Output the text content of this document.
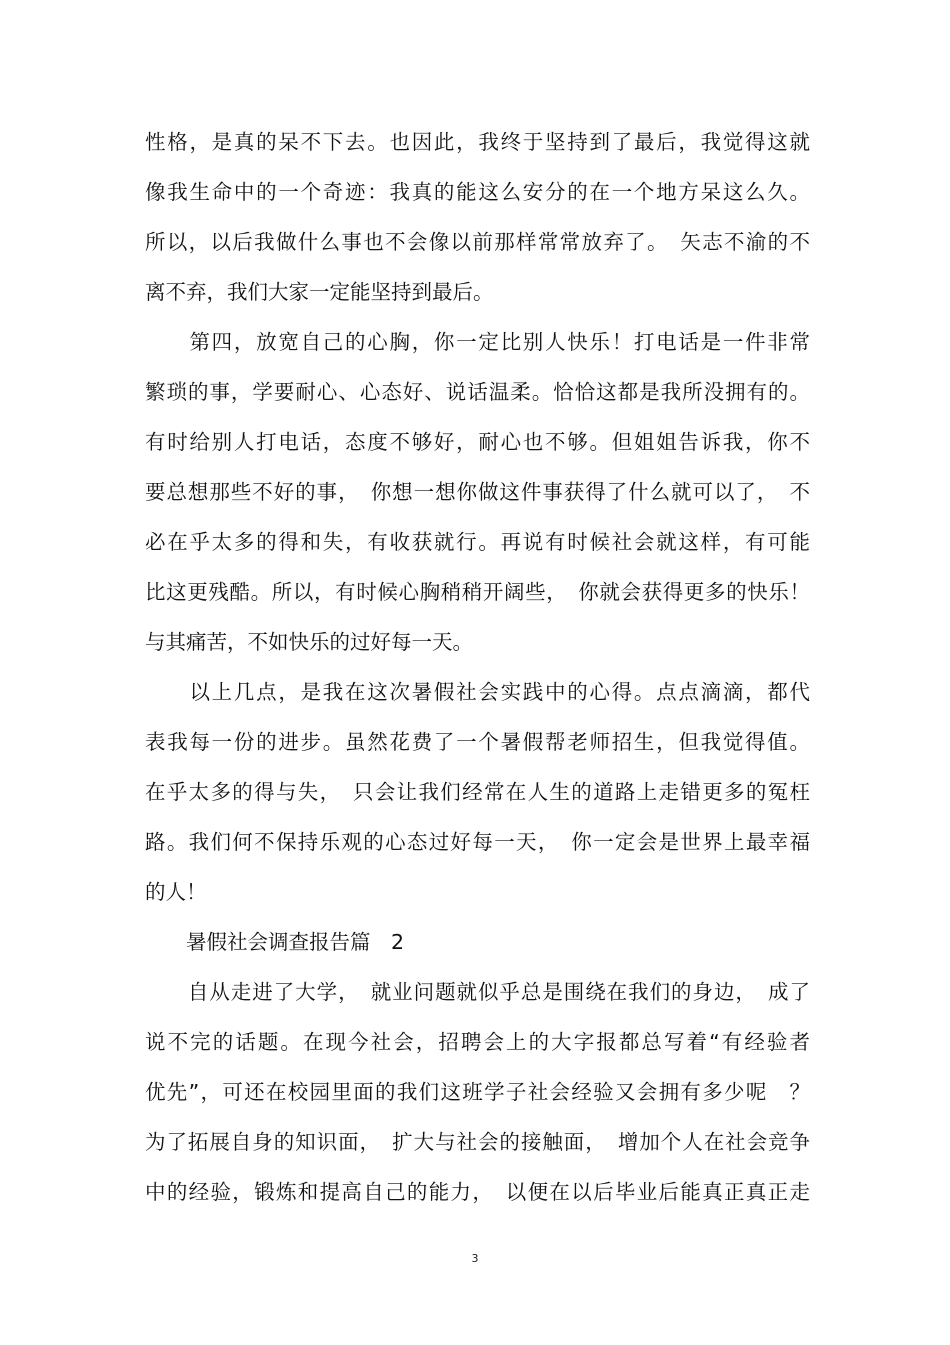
性格，是真的呆不下去。也因此，我终于坚持到了最后，我觉得这就
像我生命中的一个奇迹：我真的能这么安分的在一个地方呆这么久。
所以，以后我做什么事也不会像以前那样常常放弃了。　矢志不渝的不
离不弃，我们大家一定能坚持到最后。
　　第四，放宽自己的心胸，你一定比别人快乐！打电话是一件非常
繁琐的事，学要耐心、心态好、说话温柔。恰恰这都是我所没拥有的。
有时给别人打电话，态度不够好，耐心也不够。但姐姐告诉我，你不
要总想那些不好的事，　你想一想你做这件事获得了什么就可以了，　不
必在乎太多的得和失，有收获就行。再说有时候社会就这样，有可能
比这更残酷。所以，有时候心胸稍稍开阔些，　你就会获得更多的快乐！
与其痛苦，不如快乐的过好每一天。
　　以上几点，是我在这次暑假社会实践中的心得。点点滴滴，都代
表我每一份的进步。虽然花费了一个暑假帮老师招生，但我觉得值。
在乎太多的得与失，　只会让我们经常在人生的道路上走错更多的冤枉
路。我们何不保持乐观的心态过好每一天，　你一定会是世界上最幸福
的人！
　　暑假社会调查报告篇　2
　　自从走进了大学，　就业问题就似乎总是围绕在我们的身边，　成了
说不完的话题。在现今社会，招聘会上的大字报都总写着“有经验者
优先”，可还在校园里面的我们这班学子社会经验又会拥有多少呢　？
为了拓展自身的知识面，　扩大与社会的接触面，　增加个人在社会竞争
中的经验，锻炼和提高自己的能力，　以便在以后毕业后能真正真正走
3
